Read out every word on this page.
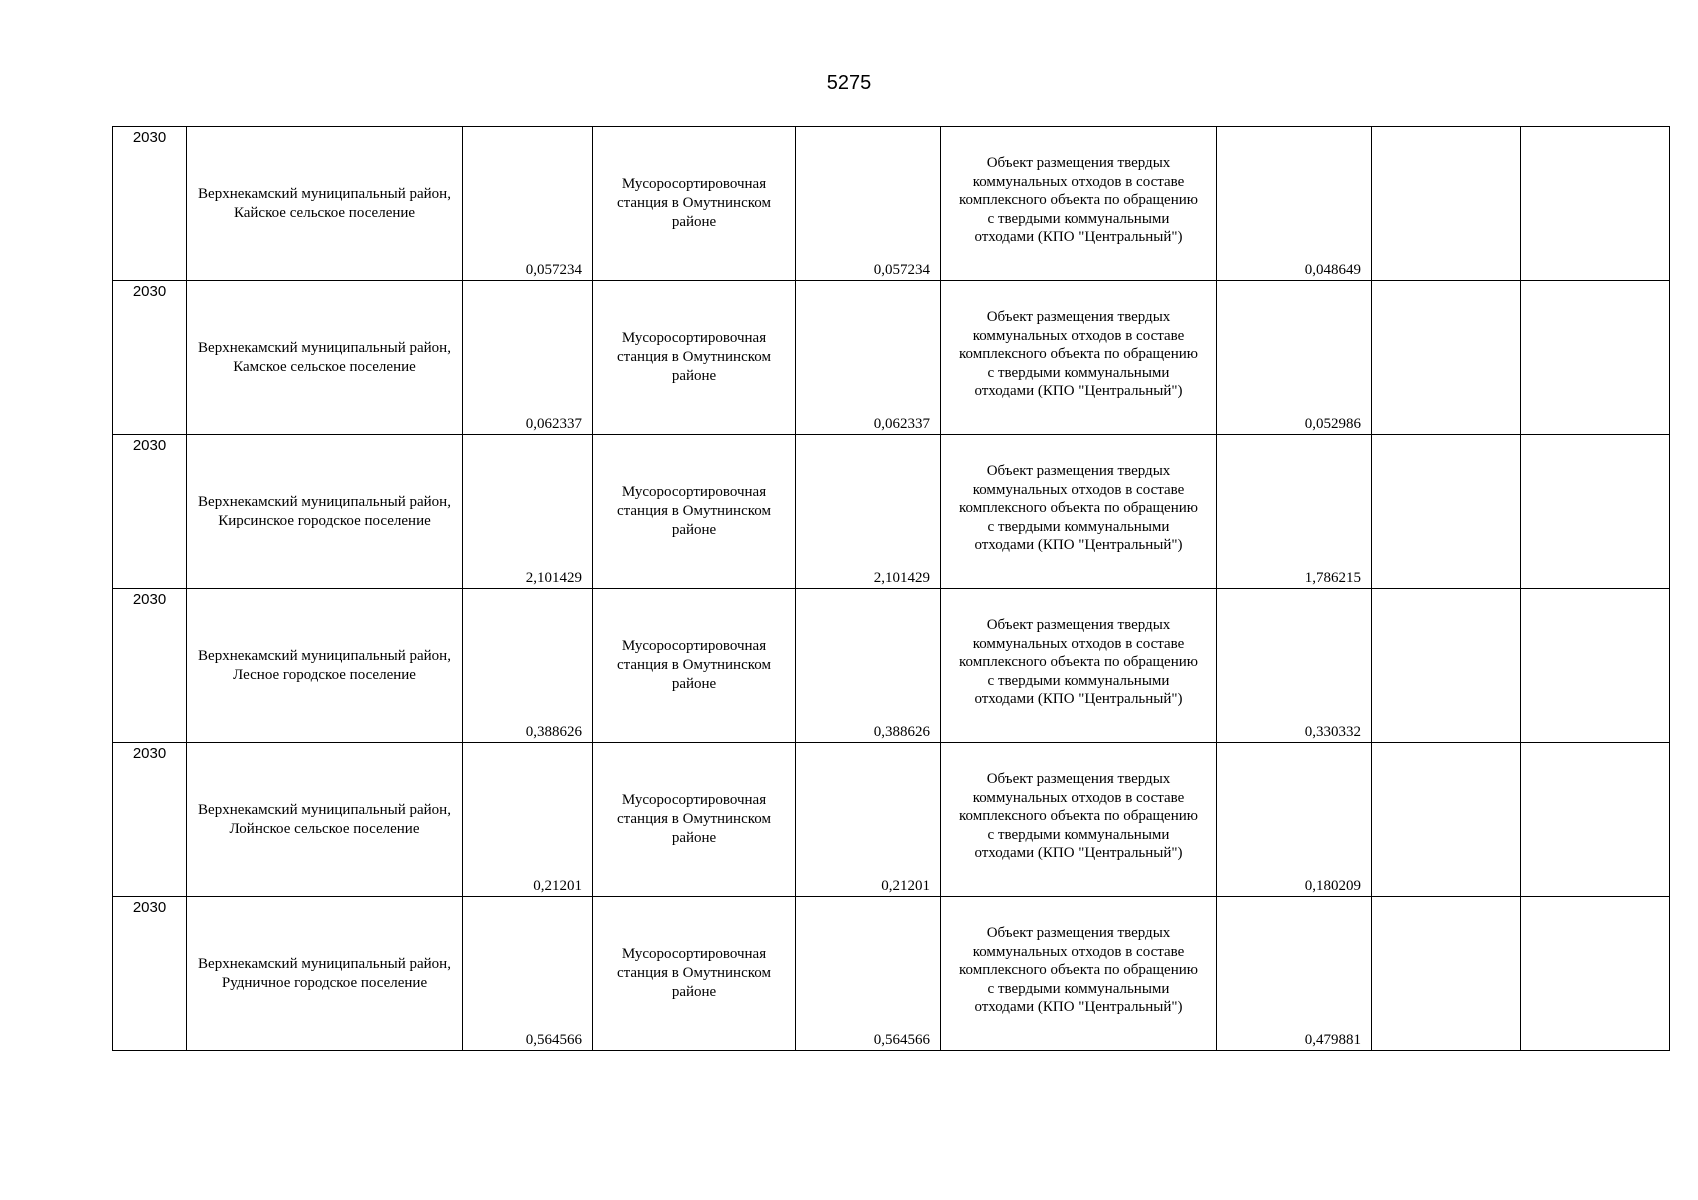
5275
2030	Верхнекамский муниципальный район, Кайское сельское поселение	0,057234	Мусоросортировочная станция в Омутнинском районе	0,057234	Объект размещения твердых коммунальных отходов в составе комплексного объекта по обращению с твердыми коммунальными отходами (КПО "Центральный")	0,048649		
2030	Верхнекамский муниципальный район, Камское сельское поселение	0,062337	Мусоросортировочная станция в Омутнинском районе	0,062337	Объект размещения твердых коммунальных отходов в составе комплексного объекта по обращению с твердыми коммунальными отходами (КПО "Центральный")	0,052986		
2030	Верхнекамский муниципальный район, Кирсинское городское поселение	2,101429	Мусоросортировочная станция в Омутнинском районе	2,101429	Объект размещения твердых коммунальных отходов в составе комплексного объекта по обращению с твердыми коммунальными отходами (КПО "Центральный")	1,786215		
2030	Верхнекамский муниципальный район, Лесное городское поселение	0,388626	Мусоросортировочная станция в Омутнинском районе	0,388626	Объект размещения твердых коммунальных отходов в составе комплексного объекта по обращению с твердыми коммунальными отходами (КПО "Центральный")	0,330332		
2030	Верхнекамский муниципальный район, Лойнское сельское поселение	0,21201	Мусоросортировочная станция в Омутнинском районе	0,21201	Объект размещения твердых коммунальных отходов в составе комплексного объекта по обращению с твердыми коммунальными отходами (КПО "Центральный")	0,180209		
2030	Верхнекамский муниципальный район, Рудничное городское поселение	0,564566	Мусоросортировочная станция в Омутнинском районе	0,564566	Объект размещения твердых коммунальных отходов в составе комплексного объекта по обращению с твердыми коммунальными отходами (КПО "Центральный")	0,479881		
